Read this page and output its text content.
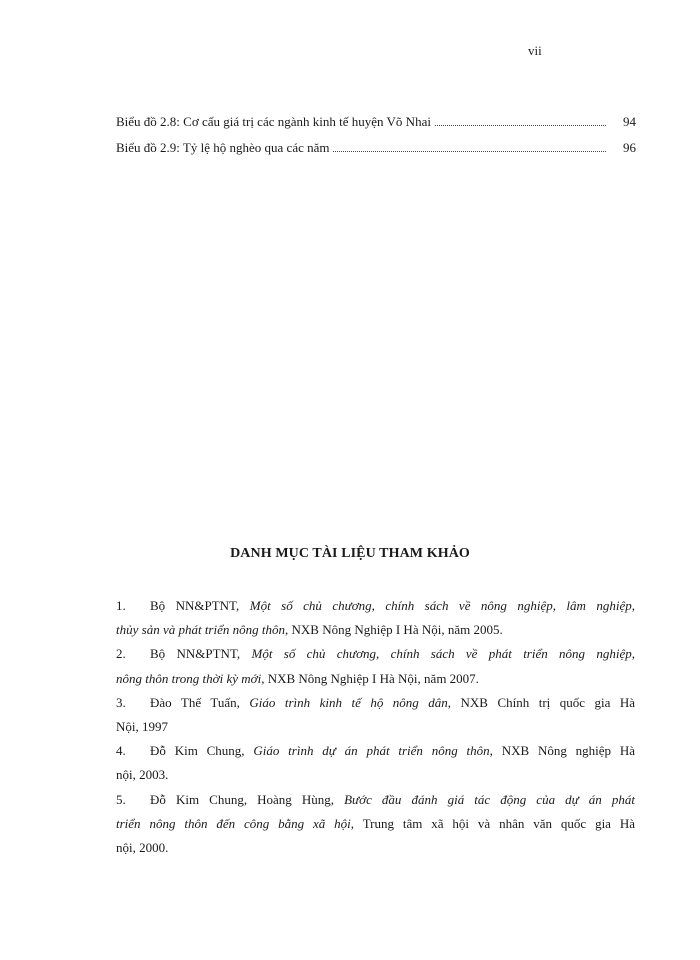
vii
Biểu đồ 2.8: Cơ cấu giá trị các ngành kinh tế huyện Võ Nhai	94
Biểu đồ 2.9: Tỷ lệ hộ nghèo qua các năm	96
DANH MỤC TÀI LIỆU THAM KHẢO
1. Bộ NN&PTNT, Một số chủ chương, chính sách về nông nghiệp, lâm nghiệp,
thủy sản và phát triển nông thôn, NXB Nông Nghiệp I Hà Nội, năm 2005.
2. Bộ NN&PTNT, Một số chủ chương, chính sách về phát triển nông nghiệp,
nông thôn trong thời kỳ mới, NXB Nông Nghiệp I Hà Nội, năm 2007.
3. Đào Thế Tuấn, Giáo trình kinh tế hộ nông dân, NXB Chính trị quốc gia Hà
Nội, 1997
4. Đỗ Kim Chung, Giáo trình dự án phát triển nông thôn, NXB Nông nghiệp Hà
nội, 2003.
5. Đỗ Kim Chung, Hoàng Hùng, Bước đầu đánh giá tác động của dự án phát
triển nông thôn đến công bằng xã hội, Trung tâm xã hội và nhân văn quốc gia Hà
nội, 2000.
